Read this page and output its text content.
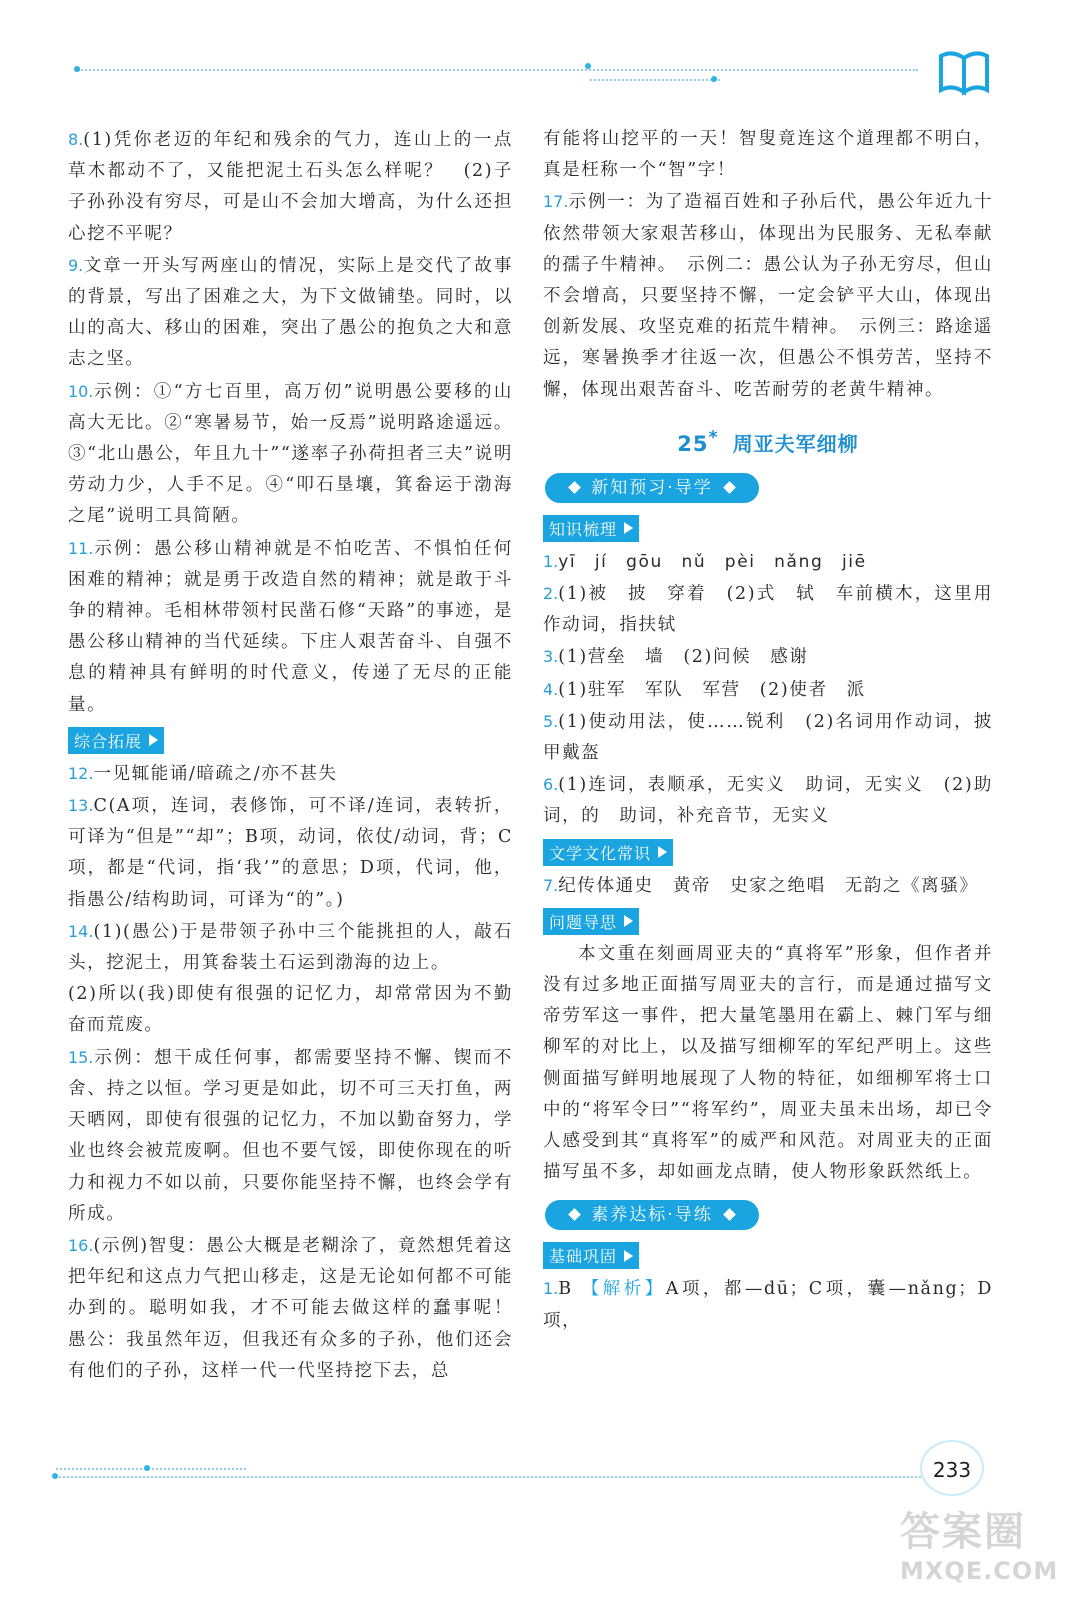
8.(1)凭你老迈的年纪和残余的气力，连山上的一点草木都动不了，又能把泥土石头怎么样呢？　(2)子子孙孙没有穷尽，可是山不会加大增高，为什么还担心挖不平呢？

9.文章一开头写两座山的情况，实际上是交代了故事的背景，写出了困难之大，为下文做铺垫。同时，以山的高大、移山的困难，突出了愚公的抱负之大和意志之坚。

10.示例：①“方七百里，高万仞”说明愚公要移的山高大无比。②“寒暑易节，始一反焉”说明路途遥远。③“北山愚公，年且九十”“遂率子孙荷担者三夫”说明劳动力少，人手不足。④“叩石垦壤，箕畚运于渤海之尾”说明工具简陋。

11.示例：愚公移山精神就是不怕吃苦、不惧怕任何困难的精神；就是勇于改造自然的精神；就是敢于斗争的精神。毛相林带领村民凿石修“天路”的事迹，是愚公移山精神的当代延续。下庄人艰苦奋斗、自强不息的精神具有鲜明的时代意义，传递了无尽的正能量。

综合拓展

12.一见辄能诵/暗疏之/亦不甚失

13.C(A项，连词，表修饰，可不译/连词，表转折，可译为“但是”“却”；B项，动词，依仗/动词，背；C项，都是“代词，指‘我’”的意思；D项，代词，他，指愚公/结构助词，可译为“的”。)

14.(1)(愚公)于是带领子孙中三个能挑担的人，敲石头，挖泥土，用箕畚装土石运到渤海的边上。

(2)所以(我)即使有很强的记忆力，却常常因为不勤奋而荒废。

15.示例：想干成任何事，都需要坚持不懈、锲而不舍、持之以恒。学习更是如此，切不可三天打鱼，两天晒网，即使有很强的记忆力，不加以勤奋努力，学业也终会被荒废啊。但也不要气馁，即使你现在的听力和视力不如以前，只要你能坚持不懈，也终会学有所成。

16.(示例)智叟：愚公大概是老糊涂了，竟然想凭着这把年纪和这点力气把山移走，这是无论如何都不可能办到的。聪明如我，才不可能去做这样的蠢事呢！　愚公：我虽然年迈，但我还有众多的子孙，他们还会有他们的子孙，这样一代一代坚持挖下去，总

有能将山挖平的一天！智叟竟连这个道理都不明白，真是枉称一个“智”字！

17.示例一：为了造福百姓和子孙后代，愚公年近九十依然带领大家艰苦移山，体现出为民服务、无私奉献的孺子牛精神。　示例二：愚公认为子孙无穷尽，但山不会增高，只要坚持不懈，一定会铲平大山，体现出创新发展、攻坚克难的拓荒牛精神。　示例三：路途遥远，寒暑换季才往返一次，但愚公不惧劳苦，坚持不懈，体现出艰苦奋斗、吃苦耐劳的老黄牛精神。

25* 周亚夫军细柳
新知预习·导学
知识梳理

1.yī　jí　gōu　nǔ　pèi　nǎng　jiē

2.(1)被　披　穿着　(2)式　轼　车前横木，这里用作动词，指扶轼

3.(1)营垒　墙　(2)问候　感谢

4.(1)驻军　军队　军营　(2)使者　派

5.(1)使动用法，使……锐利　(2)名词用作动词，披甲戴盔

6.(1)连词，表顺承，无实义　助词，无实义　(2)助词，的　助词，补充音节，无实义

文学文化常识

7.纪传体通史　黄帝　史家之绝唱　无韵之《离骚》

问题导思

本文重在刻画周亚夫的“真将军”形象，但作者并没有过多地正面描写周亚夫的言行，而是通过描写文帝劳军这一事件，把大量笔墨用在霸上、棘门军与细柳军的对比上，以及描写细柳军的军纪严明上。这些侧面描写鲜明地展现了人物的特征，如细柳军将士口中的“将军令曰”“将军约”，周亚夫虽未出场，却已令人感受到其“真将军”的威严和风范。对周亚夫的正面描写虽不多，却如画龙点睛，使人物形象跃然纸上。

素养达标·导练
基础巩固

1.B 【解析】A项，都—dū；C项，囊—nǎng；D项，

233
答案圈
MXQE.COM
